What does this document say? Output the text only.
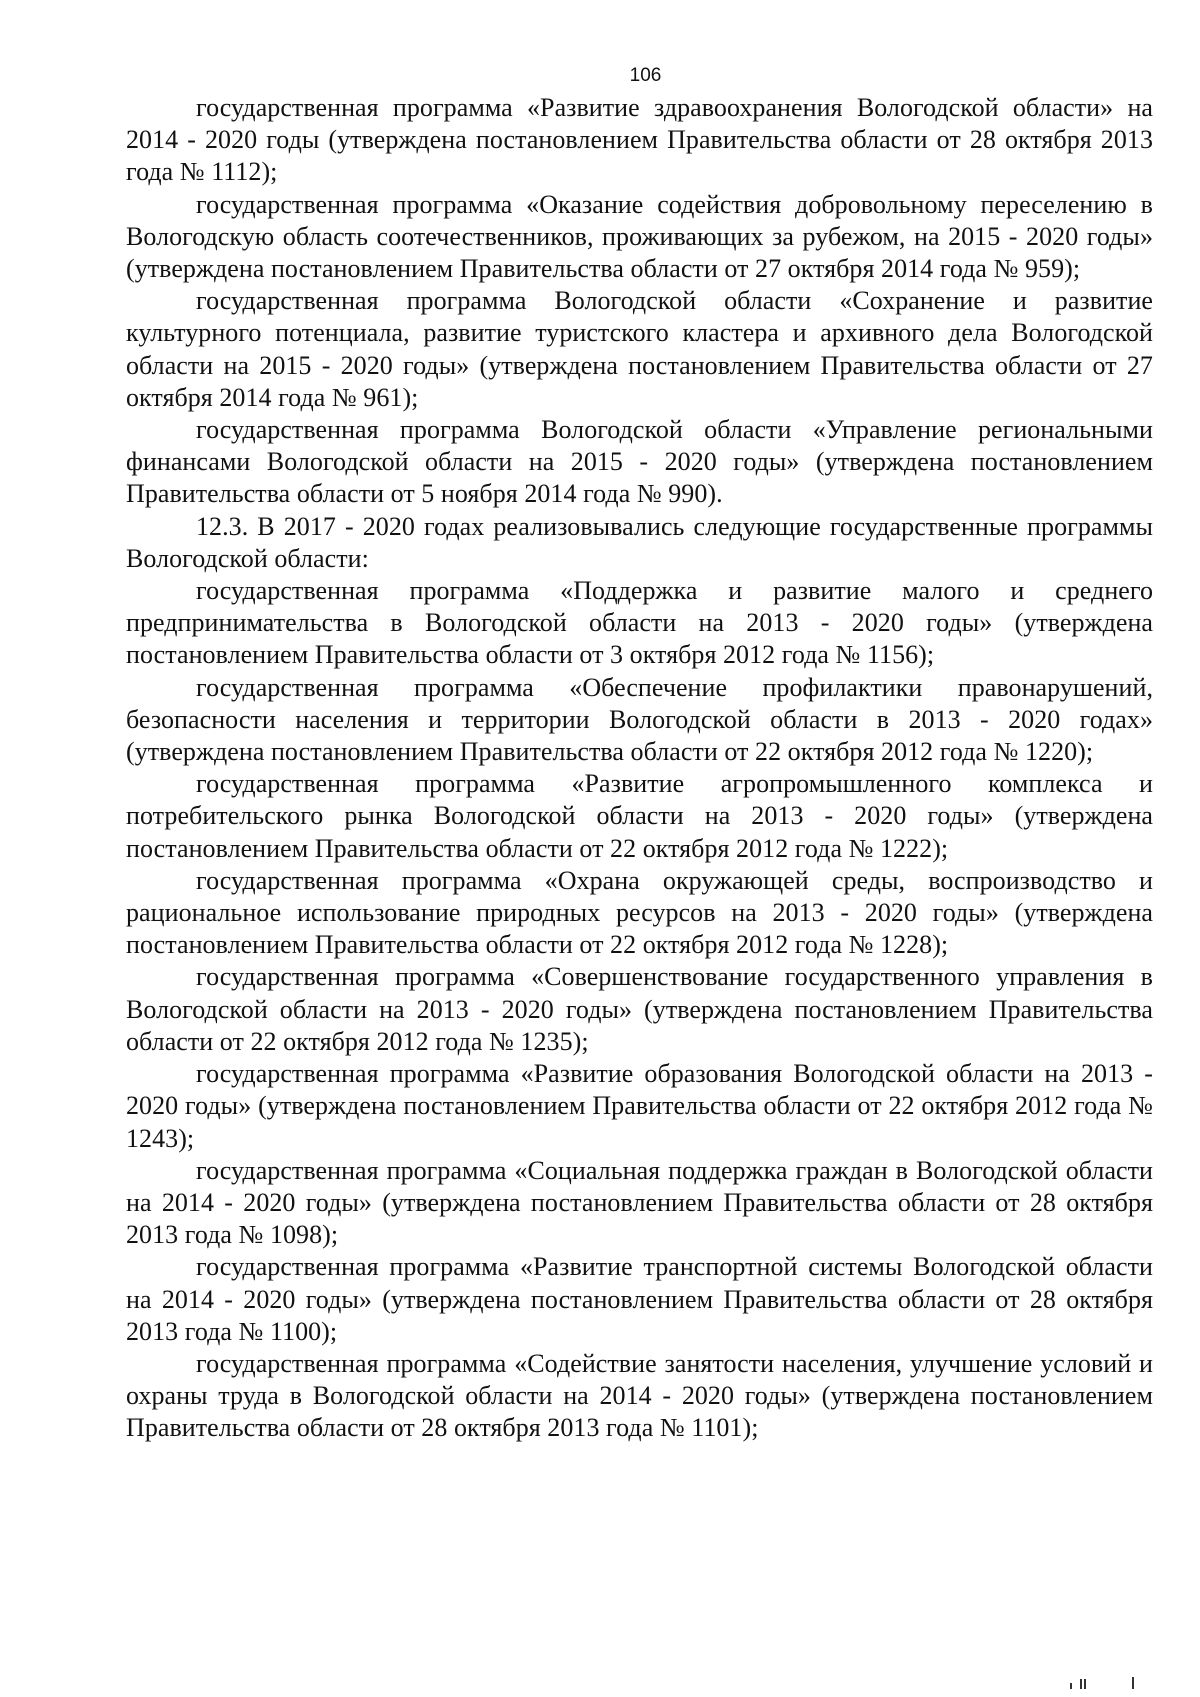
106

государственная программа «Развитие здравоохранения Вологодской области» на 2014 - 2020 годы (утверждена постановлением Правительства области от 28 октября 2013 года № 1112);

государственная программа «Оказание содействия добровольному переселению в Вологодскую область соотечественников, проживающих за рубежом, на 2015 - 2020 годы» (утверждена постановлением Правительства области от 27 октября 2014 года № 959);

государственная программа Вологодской области «Сохранение и развитие культурного потенциала, развитие туристского кластера и архивного дела Вологодской области на 2015 - 2020 годы» (утверждена постановлением Правительства области от 27 октября 2014 года № 961);

государственная программа Вологодской области «Управление региональными финансами Вологодской области на 2015 - 2020 годы» (утверждена постановлением Правительства области от 5 ноября 2014 года № 990).

12.3. В 2017 - 2020 годах реализовывались следующие государственные программы Вологодской области:

государственная программа «Поддержка и развитие малого и среднего предпринимательства в Вологодской области на 2013 - 2020 годы» (утверждена постановлением Правительства области от 3 октября 2012 года № 1156);

государственная программа «Обеспечение профилактики правонарушений, безопасности населения и территории Вологодской области в 2013 - 2020 годах» (утверждена постановлением Правительства области от 22 октября 2012 года № 1220);

государственная программа «Развитие агропромышленного комплекса и потребительского рынка Вологодской области на 2013 - 2020 годы» (утверждена постановлением Правительства области от 22 октября 2012 года № 1222);

государственная программа «Охрана окружающей среды, воспроизводство и рациональное использование природных ресурсов на 2013 - 2020 годы» (утверждена постановлением Правительства области от 22 октября 2012 года № 1228);

государственная программа «Совершенствование государственного управления в Вологодской области на 2013 - 2020 годы» (утверждена постановлением Правительства области от 22 октября 2012 года № 1235);

государственная программа «Развитие образования Вологодской области на 2013 - 2020 годы» (утверждена постановлением Правительства области от 22 октября 2012 года № 1243);

государственная программа «Социальная поддержка граждан в Вологодской области на 2014 - 2020 годы» (утверждена постановлением Правительства области от 28 октября 2013 года № 1098);

государственная программа «Развитие транспортной системы Вологодской области на 2014 - 2020 годы» (утверждена постановлением Правительства области от 28 октября 2013 года № 1100);

государственная программа «Содействие занятости населения, улучшение условий и охраны труда в Вологодской области на 2014 - 2020 годы» (утверждена постановлением Правительства области от 28 октября 2013 года № 1101);
